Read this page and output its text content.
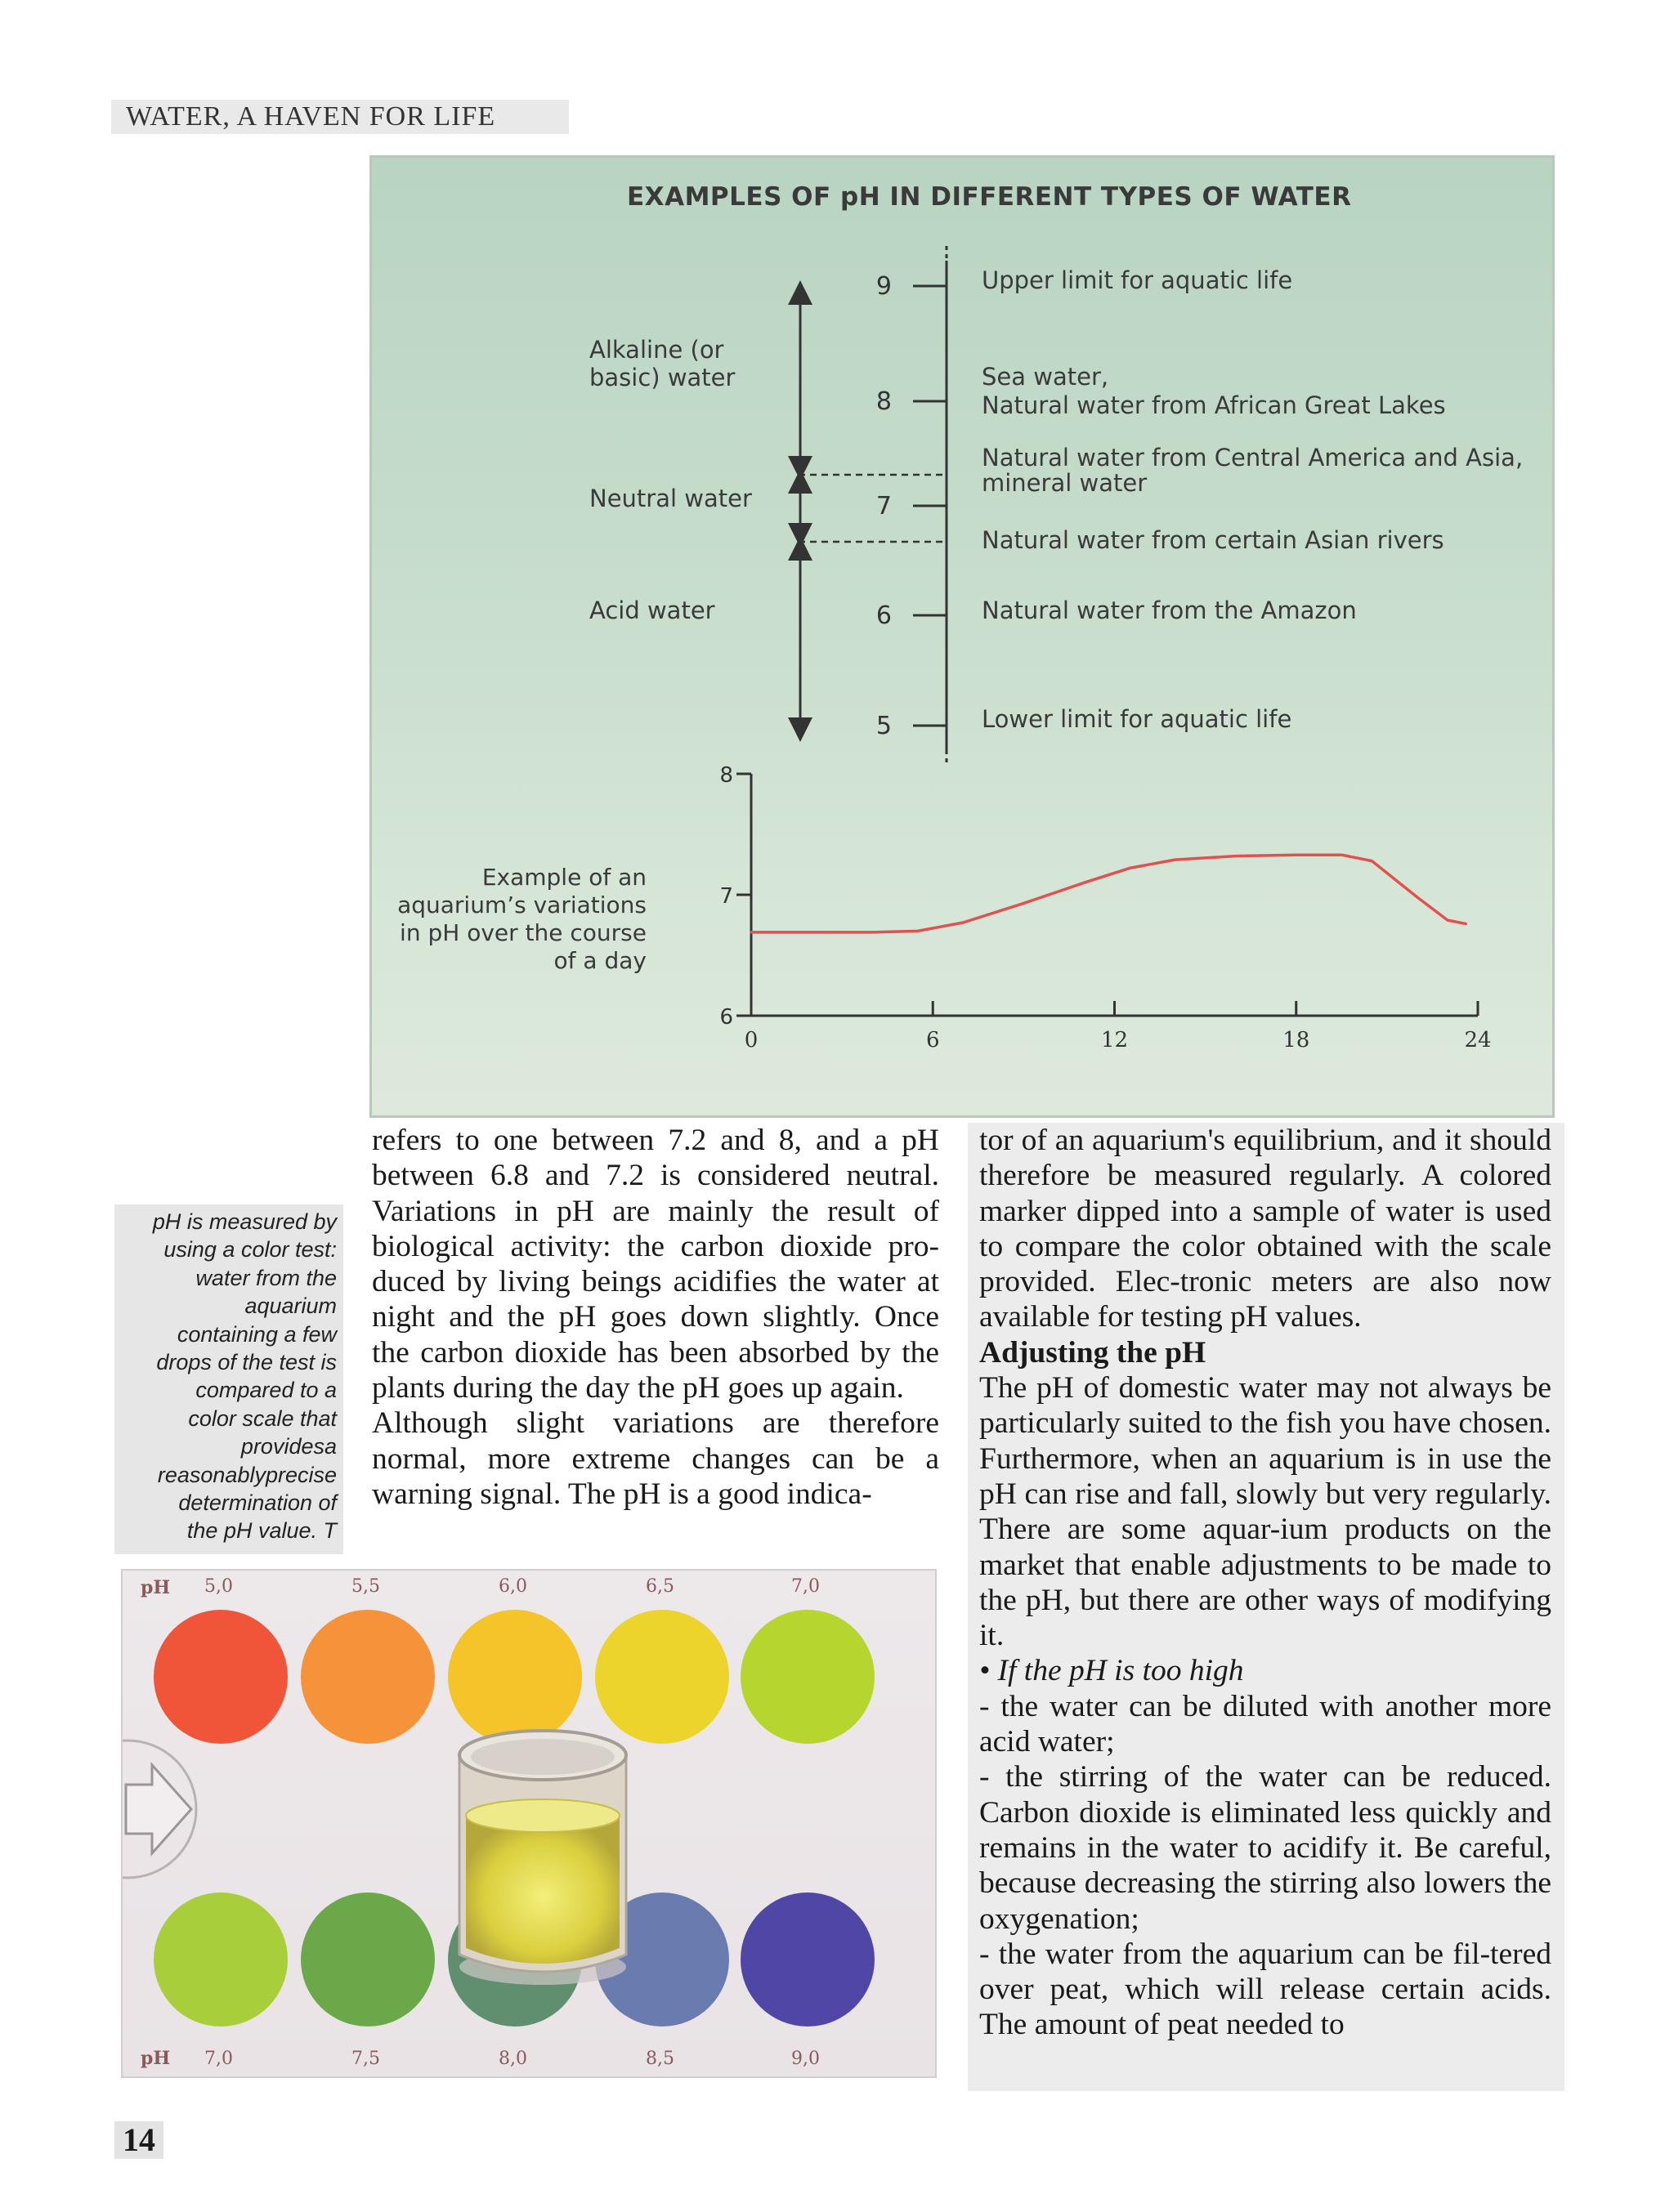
WATER, A HAVEN FOR LIFE
EXAMPLES OF pH IN DIFFERENT TYPES OF WATER
9
8
7
6
5
Alkaline (or
basic) water
Neutral water
Acid water
Upper limit for aquatic life
Sea water,
Natural water from African Great Lakes
Natural water from Central America and Asia,
mineral water
Natural water from certain Asian rivers
Natural water from the Amazon
Lower limit for aquatic life
Example of an
aquarium’s variations
in pH over the course
of a day
8
7
6
0	6	12	18	24
pH is measured by
using a color test:
water from the
aquarium
containing a few
drops of the test is
compared to a
color scale that
providesa
reasonablyprecise
determination of
the pH value. T

refers to one between 7.2 and 8, and a pH between 6.8 and 7.2 is considered neutral. Variations in pH are mainly the result of biological activity: the carbon dioxide pro-duced by living beings acidifies the water at night and the pH goes down slightly. Once the carbon dioxide has been absorbed by the plants during the day the pH goes up again.

Although slight variations are therefore normal, more extreme changes can be a warning signal. The pH is a good indica-

tor of an aquarium's equilibrium, and it should therefore be measured regularly. A colored marker dipped into a sample of water is used to compare the color obtained with the scale provided. Elec-tronic meters are also now available for testing pH values.

Adjusting the pH

The pH of domestic water may not always be particularly suited to the fish you have chosen. Furthermore, when an aquarium is in use the pH can rise and fall, slowly but very regularly. There are some aquar-ium products on the market that enable adjustments to be made to the pH, but there are other ways of modifying it.

• If the pH is too high

- the water can be diluted with another more acid water;

- the stirring of the water can be reduced. Carbon dioxide is eliminated less quickly and remains in the water to acidify it. Be careful, because decreasing the stirring also lowers the oxygenation;

- the water from the aquarium can be fil-tered over peat, which will release certain acids. The amount of peat needed to

5,0	5,5	6,0	6,5	7,0
7,0	7,5	8,0	8,5	9,0
pH
pH
14
